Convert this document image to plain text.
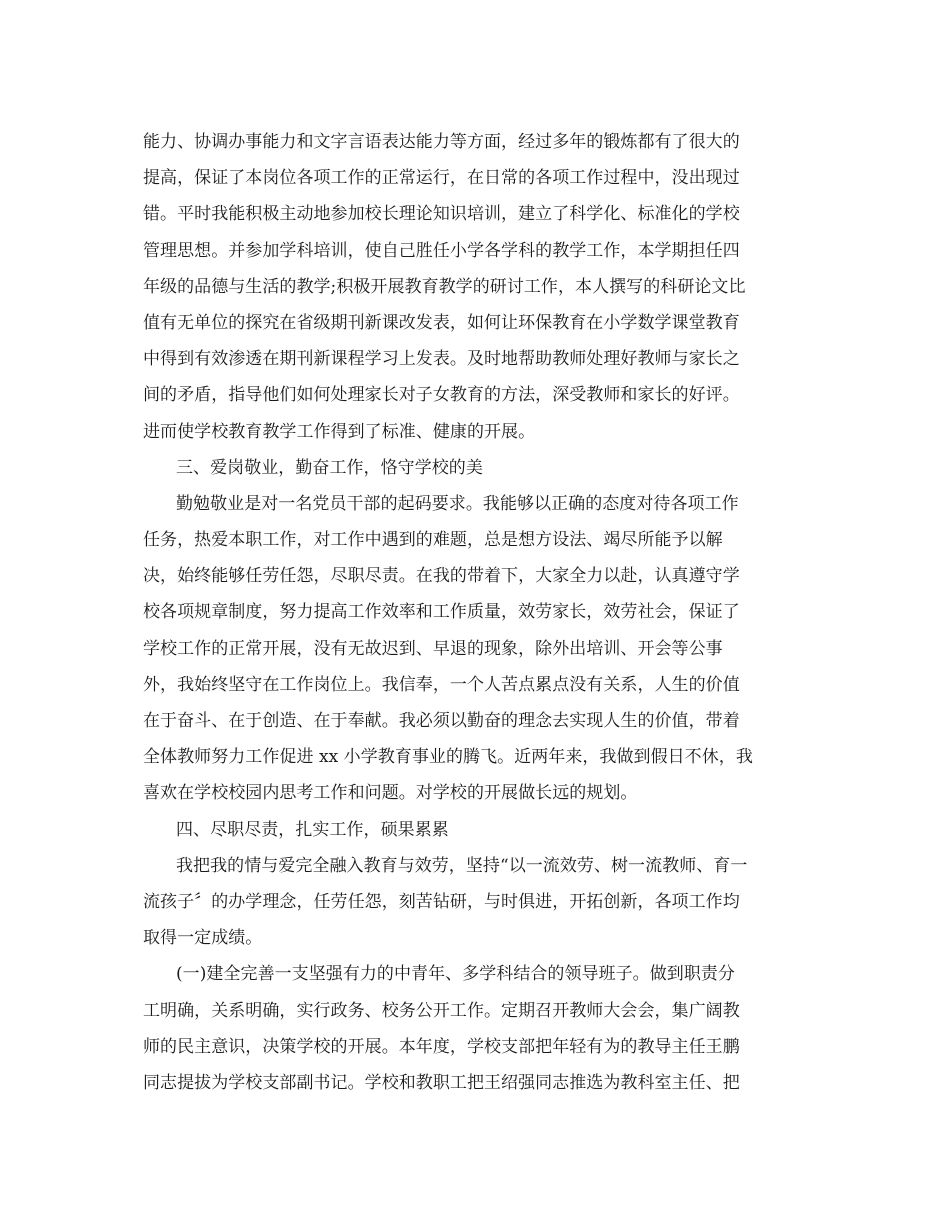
能力、协调办事能力和文字言语表达能力等方面，经过多年的锻炼都有了很大的
提高，保证了本岗位各项工作的正常运行，在日常的各项工作过程中，没出现过
错。平时我能积极主动地参加校长理论知识培训，建立了科学化、标准化的学校
管理思想。并参加学科培训，使自己胜任小学各学科的教学工作，本学期担任四
年级的品德与生活的教学;积极开展教育教学的研讨工作，本人撰写的科研论文比
值有无单位的探究在省级期刊新课改发表，如何让环保教育在小学数学课堂教育
中得到有效渗透在期刊新课程学习上发表。及时地帮助教师处理好教师与家长之
间的矛盾，指导他们如何处理家长对子女教育的方法，深受教师和家长的好评。
进而使学校教育教学工作得到了标准、健康的开展。
三、爱岗敬业，勤奋工作，恪守学校的美
勤勉敬业是对一名党员干部的起码要求。我能够以正确的态度对待各项工作
任务，热爱本职工作，对工作中遇到的难题，总是想方设法、竭尽所能予以解
决，始终能够任劳任怨，尽职尽责。在我的带着下，大家全力以赴，认真遵守学
校各项规章制度，努力提高工作效率和工作质量，效劳家长，效劳社会，保证了
学校工作的正常开展，没有无故迟到、早退的现象，除外出培训、开会等公事
外，我始终坚守在工作岗位上。我信奉，一个人苦点累点没有关系，人生的价值
在于奋斗、在于创造、在于奉献。我必须以勤奋的理念去实现人生的价值，带着
全体教师努力工作促进 xx 小学教育事业的腾飞。近两年来，我做到假日不休，我
喜欢在学校校园内思考工作和问题。对学校的开展做长远的规划。
四、尽职尽责，扎实工作，硕果累累
我把我的情与爱完全融入教育与效劳，坚持“以一流效劳、树一流教师、育一
流孩子〞的办学理念，任劳任怨，刻苦钻研，与时俱进，开拓创新，各项工作均
取得一定成绩。
(一)建全完善一支坚强有力的中青年、多学科结合的领导班子。做到职责分
工明确，关系明确，实行政务、校务公开工作。定期召开教师大会会，集广阔教
师的民主意识，决策学校的开展。本年度，学校支部把年轻有为的教导主任王鹏
同志提拔为学校支部副书记。学校和教职工把王绍强同志推选为教科室主任、把
